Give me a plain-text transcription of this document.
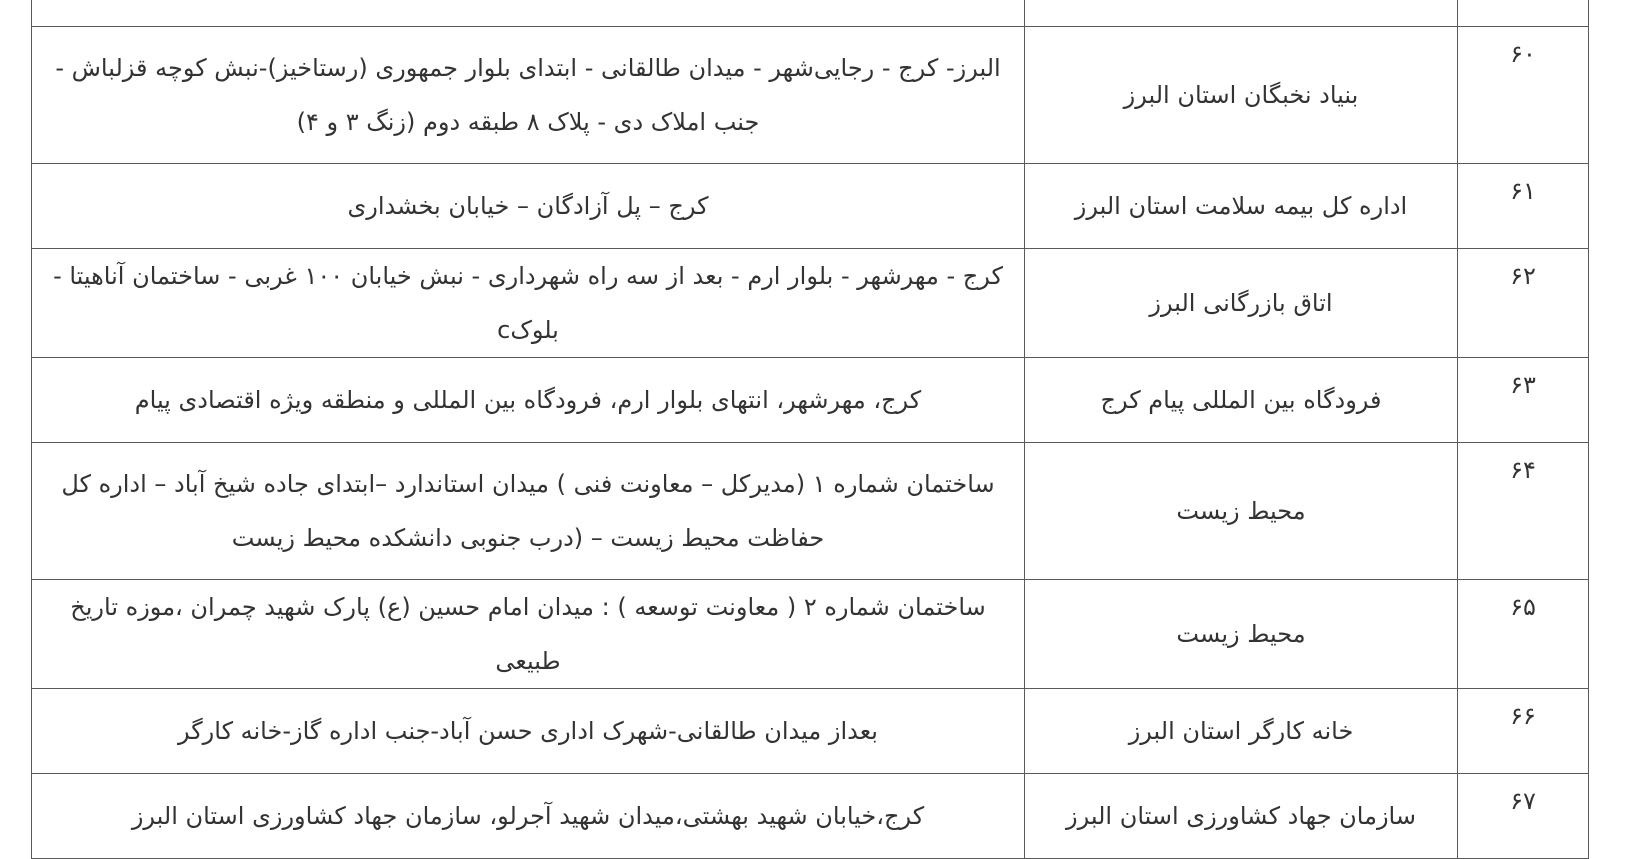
۶۰	بنیاد نخبگان استان البرز	البرز- کرج - رجایی‌شهر - میدان طالقانی - ابتدای بلوار جمهوری (رستاخیز)-نبش کوچه قزلباش - جنب املاک دی - پلاک ۸ طبقه دوم (زنگ ۳ و ۴)
۶۱	اداره کل بیمه سلامت استان البرز	کرج – پل آزادگان – خیابان بخشداری
۶۲	اتاق بازرگانی البرز	کرج - مهرشهر - بلوار ارم - بعد از سه راه شهرداری - نبش خیابان ۱۰۰ غربی - ساختمان آناهیتا - بلوکc
۶۳	فرودگاه بین المللی پیام کرج	کرج، مهرشهر، انتهای بلوار ارم، فرودگاه بین المللی و منطقه ویژه اقتصادی پیام
۶۴	محیط زیست	ساختمان شماره ۱ (مدیرکل – معاونت فنی ) میدان استاندارد –ابتدای جاده شیخ آباد – اداره کل حفاظت محیط زیست – (درب جنوبی دانشکده محیط زیست
۶۵	محیط زیست	ساختمان شماره ۲ ( معاونت توسعه ) : میدان امام حسین (ع) پارک شهید چمران ،موزه تاریخ طبیعی
۶۶	خانه کارگر استان البرز	بعداز میدان طالقانی-شهرک اداری حسن آباد-جنب اداره گاز-خانه کارگر
۶۷	سازمان جهاد کشاورزی استان البرز	کرج،خیابان شهید بهشتی،میدان شهید آجرلو، سازمان جهاد کشاورزی استان البرز
